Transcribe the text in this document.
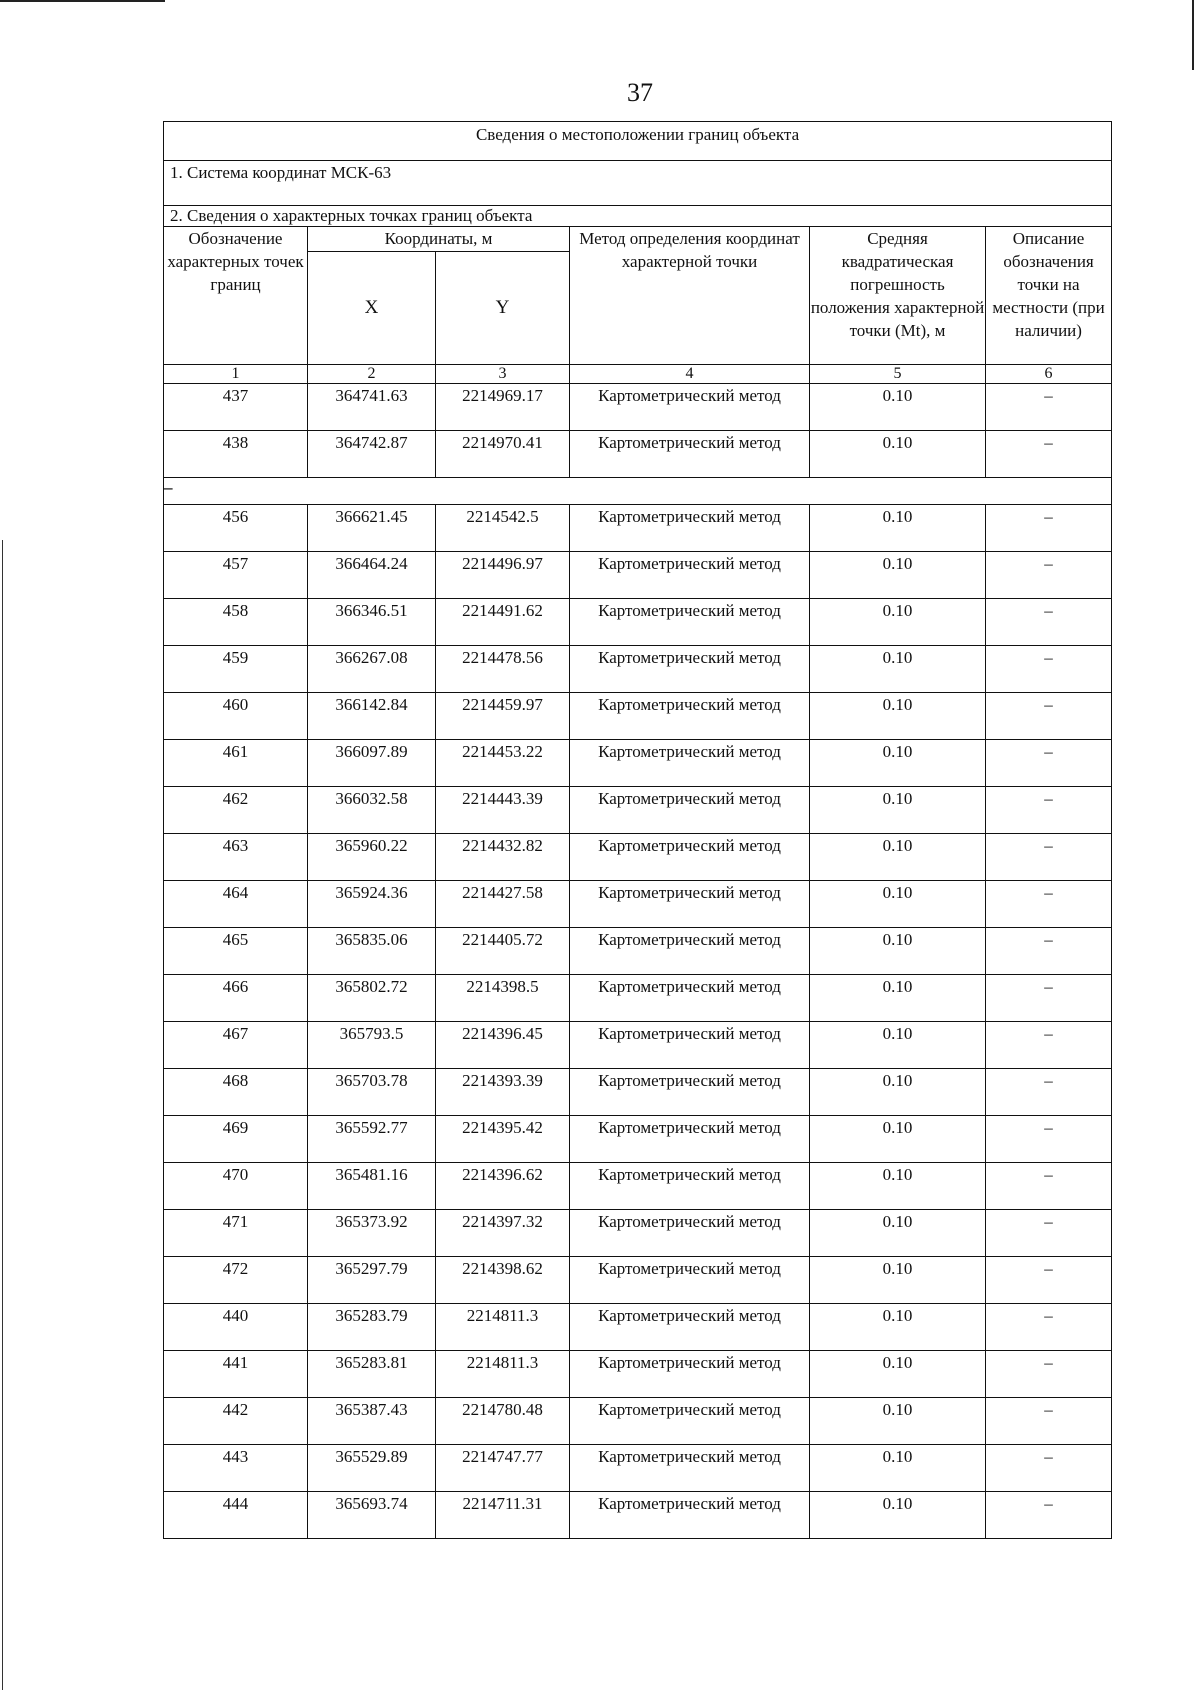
37
Сведения о местоположении границ объекта					
1. Система координат МСК-63					
2. Сведения о характерных точках границ объекта					
Обозначение характерных точек границ	Координаты, м		Метод определения координат характерной точки	Средняя квадратическая погрешность положения характерной точки (Mt), м	Описание обозначения точки на местности (при наличии)
	X	Y			
1	2	3	4	5	6
437	364741.63	2214969.17	Картометрический метод	0.10	–
438	364742.87	2214970.41	Картометрический метод	0.10	–
–					
456	366621.45	2214542.5	Картометрический метод	0.10	–
457	366464.24	2214496.97	Картометрический метод	0.10	–
458	366346.51	2214491.62	Картометрический метод	0.10	–
459	366267.08	2214478.56	Картометрический метод	0.10	–
460	366142.84	2214459.97	Картометрический метод	0.10	–
461	366097.89	2214453.22	Картометрический метод	0.10	–
462	366032.58	2214443.39	Картометрический метод	0.10	–
463	365960.22	2214432.82	Картометрический метод	0.10	–
464	365924.36	2214427.58	Картометрический метод	0.10	–
465	365835.06	2214405.72	Картометрический метод	0.10	–
466	365802.72	2214398.5	Картометрический метод	0.10	–
467	365793.5	2214396.45	Картометрический метод	0.10	–
468	365703.78	2214393.39	Картометрический метод	0.10	–
469	365592.77	2214395.42	Картометрический метод	0.10	–
470	365481.16	2214396.62	Картометрический метод	0.10	–
471	365373.92	2214397.32	Картометрический метод	0.10	–
472	365297.79	2214398.62	Картометрический метод	0.10	–
440	365283.79	2214811.3	Картометрический метод	0.10	–
441	365283.81	2214811.3	Картометрический метод	0.10	–
442	365387.43	2214780.48	Картометрический метод	0.10	–
443	365529.89	2214747.77	Картометрический метод	0.10	–
444	365693.74	2214711.31	Картометрический метод	0.10	–
